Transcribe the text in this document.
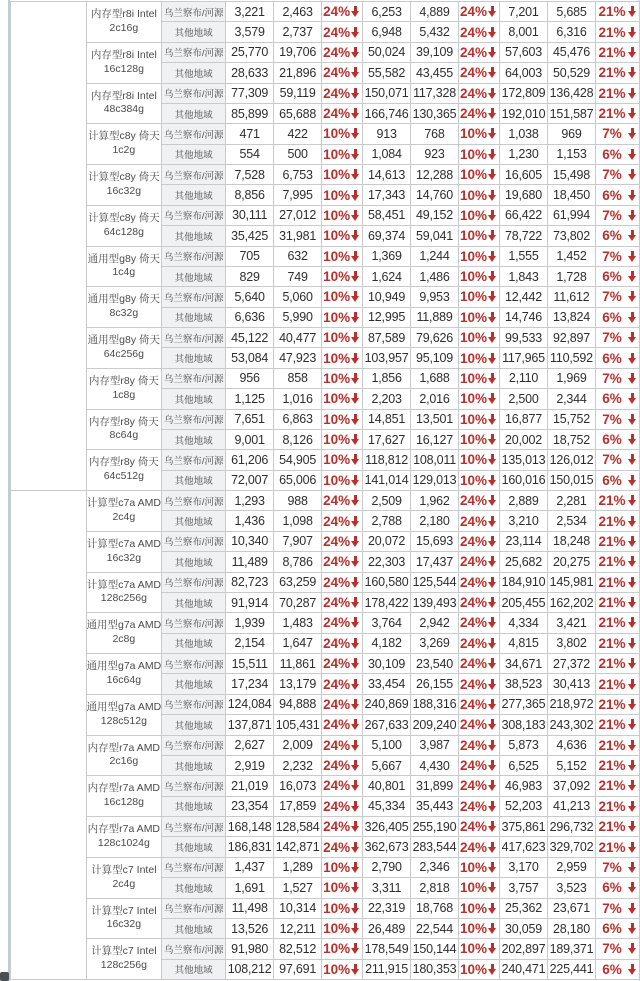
	内存型r8i Intel
2c16g	乌兰察布/河源	3,221	2,463	24%	6,253	4,889	24%	7,201	5,685	21%

		其他地域	3,579	2,737	24%	6,948	5,432	24%	8,001	6,316	21%

	内存型r8i Intel
16c128g	乌兰察布/河源	25,770	19,706	24%	50,024	39,109	24%	57,603	45,476	21%

		其他地域	28,633	21,896	24%	55,582	43,455	24%	64,003	50,529	21%

	内存型r8i Intel
48c384g	乌兰察布/河源	77,309	59,119	24%	150,071	117,328	24%	172,809	136,428	21%

		其他地域	85,899	65,688	24%	166,746	130,365	24%	192,010	151,587	21%

	计算型c8y 倚天
1c2g	乌兰察布/河源	471	422	10%	913	768	10%	1,038	969	7%

		其他地域	554	500	10%	1,084	923	10%	1,230	1,153	6%

	计算型c8y 倚天
16c32g	乌兰察布/河源	7,528	6,753	10%	14,613	12,288	10%	16,605	15,498	7%

		其他地域	8,856	7,995	10%	17,343	14,760	10%	19,680	18,450	6%

	计算型c8y 倚天
64c128g	乌兰察布/河源	30,111	27,012	10%	58,451	49,152	10%	66,422	61,994	7%

		其他地域	35,425	31,981	10%	69,374	59,041	10%	78,722	73,802	6%

	通用型g8y 倚天
1c4g	乌兰察布/河源	705	632	10%	1,369	1,244	10%	1,555	1,452	7%

		其他地域	829	749	10%	1,624	1,486	10%	1,843	1,728	6%

	通用型g8y 倚天
8c32g	乌兰察布/河源	5,640	5,060	10%	10,949	9,953	10%	12,442	11,612	7%

		其他地域	6,636	5,990	10%	12,995	11,889	10%	14,746	13,824	6%

	通用型g8y 倚天
64c256g	乌兰察布/河源	45,122	40,477	10%	87,589	79,626	10%	99,533	92,897	7%

		其他地域	53,084	47,923	10%	103,957	95,109	10%	117,965	110,592	6%

	内存型r8y 倚天
1c8g	乌兰察布/河源	956	858	10%	1,856	1,688	10%	2,110	1,969	7%

		其他地域	1,125	1,016	10%	2,203	2,016	10%	2,500	2,344	6%

	内存型r8y 倚天
8c64g	乌兰察布/河源	7,651	6,863	10%	14,851	13,501	10%	16,877	15,752	7%

		其他地域	9,001	8,126	10%	17,627	16,127	10%	20,002	18,752	6%

	内存型r8y 倚天
64c512g	乌兰察布/河源	61,206	54,905	10%	118,812	108,011	10%	135,013	126,012	7%

		其他地域	72,007	65,006	10%	141,014	129,013	10%	160,016	150,015	6%

	计算型c7a AMD
2c4g	乌兰察布/河源	1,293	988	24%	2,509	1,962	24%	2,889	2,281	21%

		其他地域	1,436	1,098	24%	2,788	2,180	24%	3,210	2,534	21%

	计算型c7a AMD
16c32g	乌兰察布/河源	10,340	7,907	24%	20,072	15,693	24%	23,114	18,248	21%

		其他地域	11,489	8,786	24%	22,303	17,437	24%	25,682	20,275	21%

	计算型c7a AMD
128c256g	乌兰察布/河源	82,723	63,259	24%	160,580	125,544	24%	184,910	145,981	21%

		其他地域	91,914	70,287	24%	178,422	139,493	24%	205,455	162,202	21%

	通用型g7a AMD
2c8g	乌兰察布/河源	1,939	1,483	24%	3,764	2,942	24%	4,334	3,421	21%

		其他地域	2,154	1,647	24%	4,182	3,269	24%	4,815	3,802	21%

	通用型g7a AMD
16c64g	乌兰察布/河源	15,511	11,861	24%	30,109	23,540	24%	34,671	27,372	21%

		其他地域	17,234	13,179	24%	33,454	26,155	24%	38,523	30,413	21%

	通用型g7a AMD
128c512g	乌兰察布/河源	124,084	94,888	24%	240,869	188,316	24%	277,365	218,972	21%

		其他地域	137,871	105,431	24%	267,633	209,240	24%	308,183	243,302	21%

	内存型r7a AMD
2c16g	乌兰察布/河源	2,627	2,009	24%	5,100	3,987	24%	5,873	4,636	21%

		其他地域	2,919	2,232	24%	5,667	4,430	24%	6,525	5,152	21%

	内存型r7a AMD
16c128g	乌兰察布/河源	21,019	16,073	24%	40,801	31,899	24%	46,983	37,092	21%

		其他地域	23,354	17,859	24%	45,334	35,443	24%	52,203	41,213	21%

	内存型r7a AMD
128c1024g	乌兰察布/河源	168,148	128,584	24%	326,405	255,190	24%	375,861	296,732	21%

		其他地域	186,831	142,871	24%	362,673	283,544	24%	417,623	329,702	21%

	计算型c7 Intel
2c4g	乌兰察布/河源	1,437	1,289	10%	2,790	2,346	10%	3,170	2,959	7%

		其他地域	1,691	1,527	10%	3,311	2,818	10%	3,757	3,523	6%

	计算型c7 Intel
16c32g	乌兰察布/河源	11,498	10,314	10%	22,319	18,768	10%	25,362	23,671	7%

		其他地域	13,526	12,211	10%	26,489	22,544	10%	30,059	28,180	6%

	计算型c7 Intel
128c256g	乌兰察布/河源	91,980	82,512	10%	178,549	150,144	10%	202,897	189,371	7%

		其他地域	108,212	97,691	10%	211,915	180,353	10%	240,471	225,441	6%
